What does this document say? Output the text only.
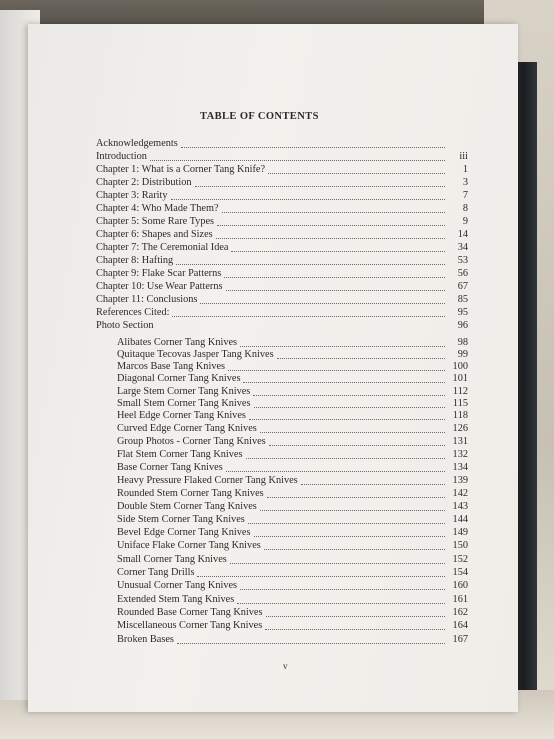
TABLE OF CONTENTS
Acknowledgements
Introduction	iii
Chapter 1: What is a Corner Tang Knife?	1
Chapter 2: Distribution	3
Chapter 3: Rarity	7
Chapter 4: Who Made Them?	8
Chapter 5: Some Rare Types	9
Chapter 6: Shapes and Sizes	14
Chapter 7: The Ceremonial Idea	34
Chapter 8: Hafting	53
Chapter 9: Flake Scar Patterns	56
Chapter 10: Use Wear Patterns	67
Chapter 11: Conclusions	85
References Cited:	95
Photo Section	96
Alibates Corner Tang Knives	98
Quitaque Tecovas Jasper Tang Knives	99
Marcos Base Tang Knives	100
Diagonal Corner Tang Knives	101
Large Stem Corner Tang Knives	112
Small Stem Corner Tang Knives	115
Heel Edge Corner Tang Knives	118
Curved Edge Corner Tang Knives	126
Group Photos - Corner Tang Knives	131
Flat Stem Corner Tang Knives	132
Base Corner Tang Knives	134
Heavy Pressure Flaked Corner Tang Knives	139
Rounded Stem Corner Tang Knives	142
Double Stem Corner Tang Knives	143
Side Stem Corner Tang Knives	144
Bevel Edge Corner Tang Knives	149
Uniface Flake Corner Tang Knives	150
Small Corner Tang Knives	152
Corner Tang Drills	154
Unusual Corner Tang Knives	160
Extended Stem Tang Knives	161
Rounded Base Corner Tang Knives	162
Miscellaneous Corner Tang Knives	164
Broken Bases	167
v
